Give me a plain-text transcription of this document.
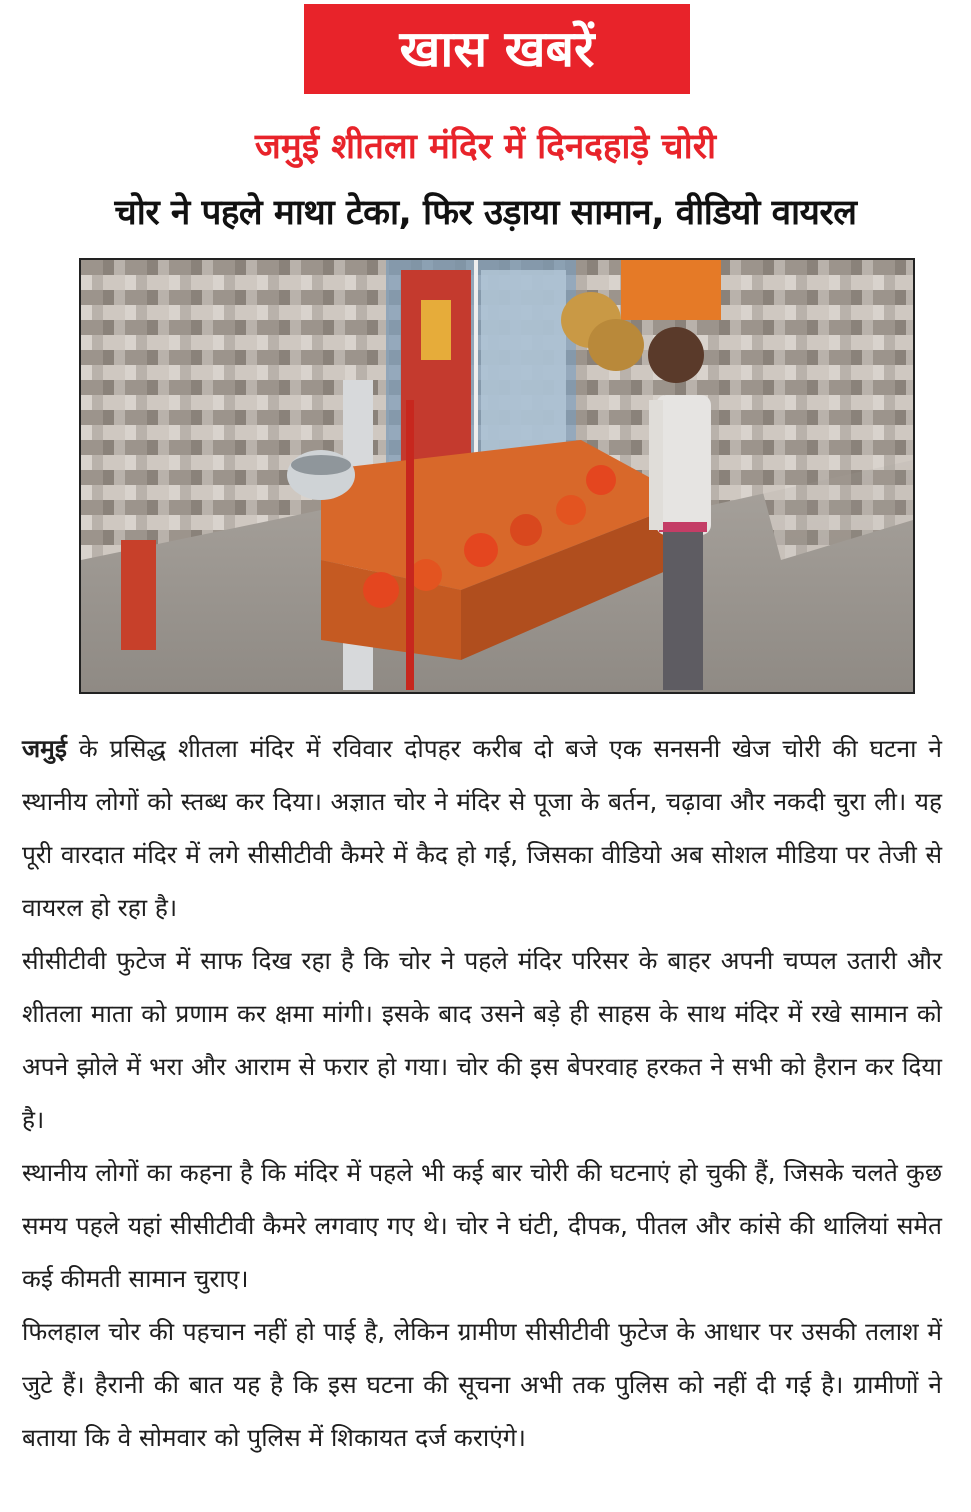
खास खबरें
जमुई शीतला मंदिर में दिनदहाड़े चोरी
चोर ने पहले माथा टेका, फिर उड़ाया सामान, वीडियो वायरल

जमुई के प्रसिद्ध शीतला मंदिर में रविवार दोपहर करीब दो बजे एक सनसनी खेज चोरी की घटना ने स्थानीय लोगों को स्तब्ध कर दिया। अज्ञात चोर ने मंदिर से पूजा के बर्तन, चढ़ावा और नकदी चुरा ली। यह पूरी वारदात मंदिर में लगे सीसीटीवी कैमरे में कैद हो गई, जिसका वीडियो अब सोशल मीडिया पर तेजी से वायरल हो रहा है।

सीसीटीवी फुटेज में साफ दिख रहा है कि चोर ने पहले मंदिर परिसर के बाहर अपनी चप्पल उतारी और शीतला माता को प्रणाम कर क्षमा मांगी। इसके बाद उसने बड़े ही साहस के साथ मंदिर में रखे सामान को अपने झोले में भरा और आराम से फरार हो गया। चोर की इस बेपरवाह हरकत ने सभी को हैरान कर दिया है।

स्थानीय लोगों का कहना है कि मंदिर में पहले भी कई बार चोरी की घटनाएं हो चुकी हैं, जिसके चलते कुछ समय पहले यहां सीसीटीवी कैमरे लगवाए गए थे। चोर ने घंटी, दीपक, पीतल और कांसे की थालियां समेत कई कीमती सामान चुराए।

फिलहाल चोर की पहचान नहीं हो पाई है, लेकिन ग्रामीण सीसीटीवी फुटेज के आधार पर उसकी तलाश में जुटे हैं। हैरानी की बात यह है कि इस घटना की सूचना अभी तक पुलिस को नहीं दी गई है। ग्रामीणों ने बताया कि वे सोमवार को पुलिस में शिकायत दर्ज कराएंगे।
